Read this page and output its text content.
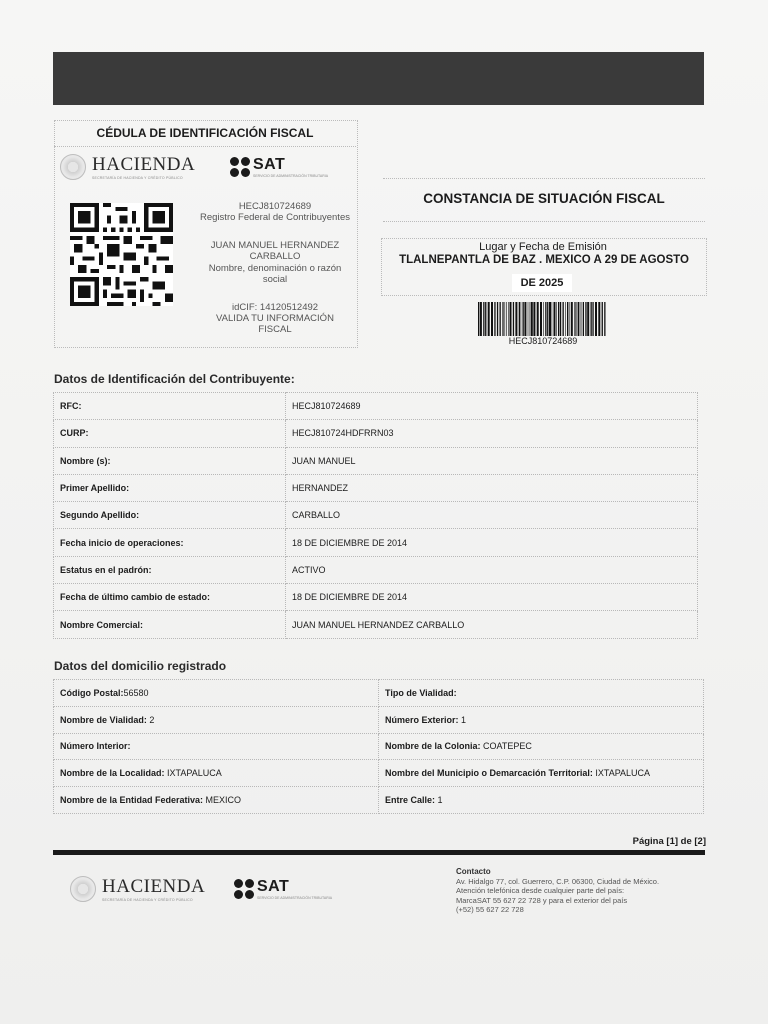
CÉDULA DE IDENTIFICACIÓN FISCAL
HACIENDA
SECRETARÍA DE HACIENDA Y CRÉDITO PÚBLICO
SAT
SERVICIO DE ADMINISTRACIÓN TRIBUTARIA
HECJ810724689
Registro Federal de Contribuyentes
JUAN MANUEL HERNANDEZ
CARBALLO
Nombre, denominación o razón
social
idCIF: 14120512492
VALIDA TU INFORMACIÓN
FISCAL
CONSTANCIA DE SITUACIÓN FISCAL
Lugar y Fecha de Emisión
TLALNEPANTLA DE BAZ . MEXICO A 29 DE AGOSTO
DE 2025
HECJ810724689
Datos de Identificación del Contribuyente:
RFC:	HECJ810724689
CURP:	HECJ810724HDFRRN03
Nombre (s):	JUAN MANUEL
Primer Apellido:	HERNANDEZ
Segundo Apellido:	CARBALLO
Fecha inicio de operaciones:	18 DE DICIEMBRE DE 2014
Estatus en el padrón:	ACTIVO
Fecha de último cambio de estado:	18 DE DICIEMBRE DE 2014
Nombre Comercial:	JUAN MANUEL HERNANDEZ CARBALLO
Datos del domicilio registrado
Código Postal:56580	Tipo de Vialidad:
Nombre de Vialidad: 2	Número Exterior: 1
Número Interior:	Nombre de la Colonia: COATEPEC
Nombre de la Localidad: IXTAPALUCA	Nombre del Municipio o Demarcación Territorial: IXTAPALUCA
Nombre de la Entidad Federativa: MEXICO	Entre Calle: 1
Página [1] de [2]
HACIENDA
SECRETARÍA DE HACIENDA Y CRÉDITO PÚBLICO
SAT
SERVICIO DE ADMINISTRACIÓN TRIBUTARIA
Contacto
Av. Hidalgo 77, col. Guerrero, C.P. 06300, Ciudad de México.
Atención telefónica desde cualquier parte del país:
MarcaSAT 55 627 22 728 y para el exterior del país
(+52) 55 627 22 728
